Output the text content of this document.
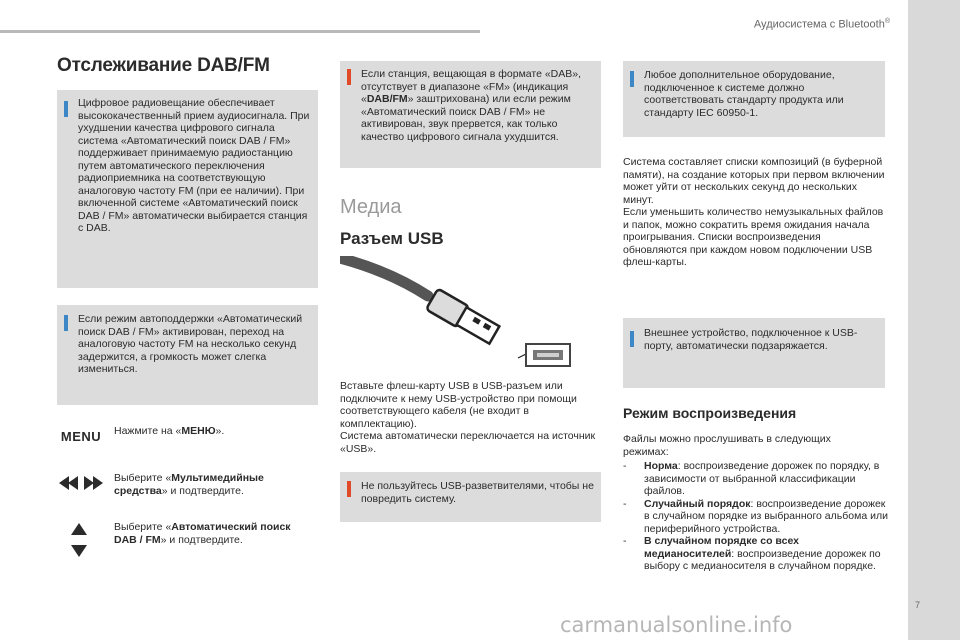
Аудиосистема с Bluetooth®
7
Отслеживание DAB/FM
Цифровое радиовещание обеспечивает высококачественный прием аудиосигнала. При ухудшении качества цифрового сигнала система «Автоматический поиск DAB / FM» поддерживает принимаемую радиостанцию путем автоматического переключения радиоприемника на соответствующую аналоговую частоту FM (при ее наличии). При включенной системе «Автоматический поиск DAB / FM» автоматически выбирается станция с DAB.
Если режим автоподдержки «Автоматический поиск DAB / FM» активирован, переход на аналоговую частоту FM на несколько секунд задержится, а громкость может слегка измениться.
MENU	Нажмите на «МЕНЮ».
Выберите «Мультимедийные средства» и подтвердите.
Выберите «Автоматический поиск DAB / FM» и подтвердите.
Если станция, вещающая в формате «DAB», отсутствует в диапазоне «FM» (индикация «DAB/FM» заштрихована) или если режим «Автоматический поиск DAB / FM» не активирован, звук прервется, как только качество цифрового сигнала ухудшится.
Медиа
Разъем USB
Вставьте флеш-карту USB в USB-разъем или подключите к нему USB-устройство при помощи соответствующего кабеля (не входит в комплектацию).
Система автоматически переключается на источник «USB».
Не пользуйтесь USB-разветвителями, чтобы не повредить систему.
Любое дополнительное оборудование, подключенное к системе должно соответствовать стандарту продукта или стандарту IEC 60950-1.
Система составляет списки композиций (в буферной памяти), на создание которых при первом включении может уйти от нескольких секунд до нескольких минут.
Если уменьшить количество немузыкальных файлов и папок, можно сократить время ожидания начала проигрывания. Списки воспроизведения обновляются при каждом новом подключении USB флеш-карты.
Внешнее устройство, подключенное к USB-порту, автоматически подзаряжается.
Режим воспроизведения
Файлы можно прослушивать в следующих режимах:
- Норма: воспроизведение дорожек по порядку, в зависимости от выбранной классификации файлов.
- Случайный порядок: воспроизведение дорожек в случайном порядке из выбранного альбома или периферийного устройства.
- В случайном порядке со всех медианосителей: воспроизведение дорожек по выбору с медианосителя в случайном порядке.
carmanualsonline.info
